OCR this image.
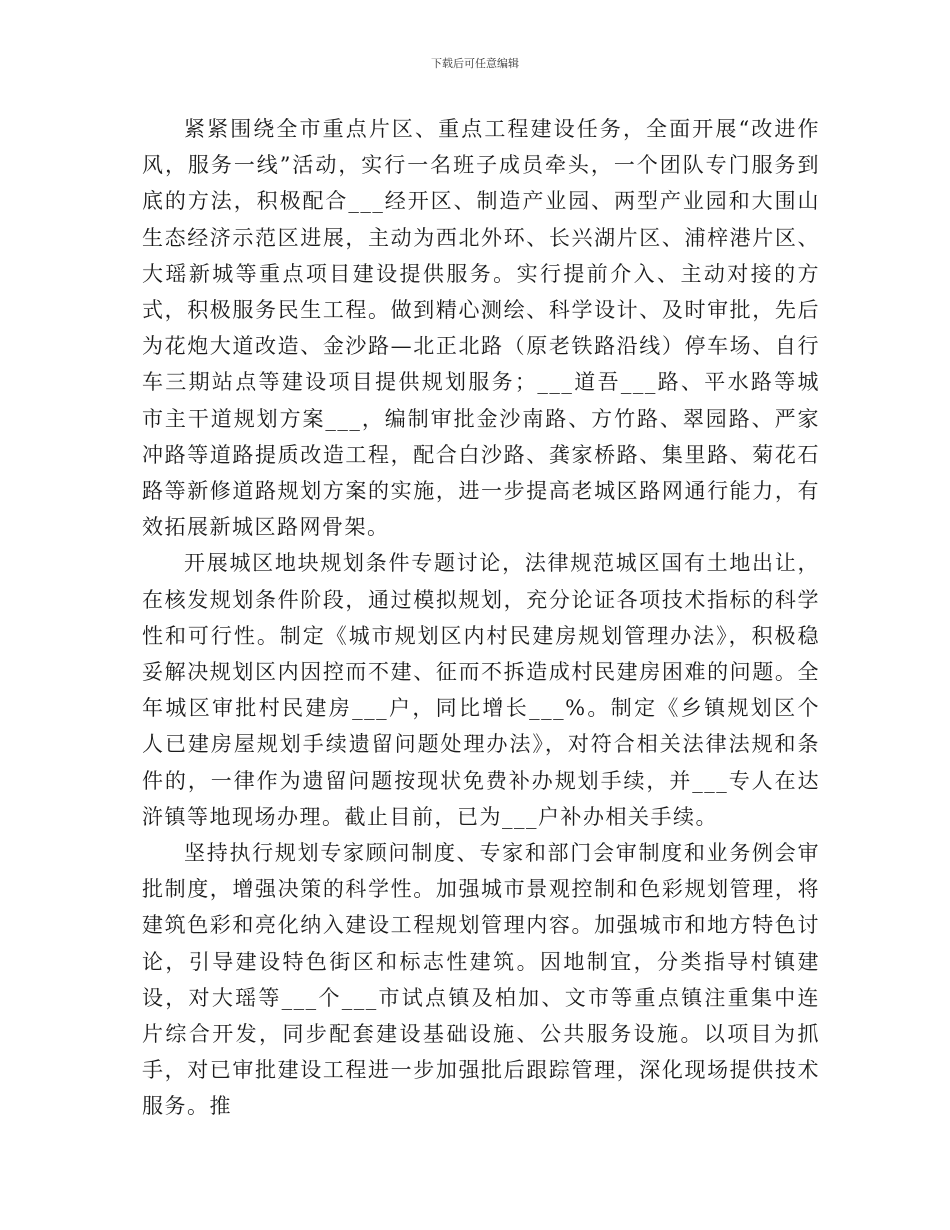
下载后可任意编辑

紧紧围绕全市重点片区、重点工程建设任务，全面开展“改进作风，服务一线”活动，实行一名班子成员牵头，一个团队专门服务到底的方法，积极配合___经开区、制造产业园、两型产业园和大围山生态经济示范区进展，主动为西北外环、长兴湖片区、浦梓港片区、大瑶新城等重点项目建设提供服务。实行提前介入、主动对接的方式，积极服务民生工程。做到精心测绘、科学设计、及时审批，先后为花炮大道改造、金沙路—北正北路（原老铁路沿线）停车场、自行车三期站点等建设项目提供规划服务；___道吾___路、平水路等城市主干道规划方案___，编制审批金沙南路、方竹路、翠园路、严家冲路等道路提质改造工程，配合白沙路、龚家桥路、集里路、菊花石路等新修道路规划方案的实施，进一步提高老城区路网通行能力，有效拓展新城区路网骨架。

开展城区地块规划条件专题讨论，法律规范城区国有土地出让，在核发规划条件阶段，通过模拟规划，充分论证各项技术指标的科学性和可行性。制定《城市规划区内村民建房规划管理办法》，积极稳妥解决规划区内因控而不建、征而不拆造成村民建房困难的问题。全年城区审批村民建房___户，同比增长___%。制定《乡镇规划区个人已建房屋规划手续遗留问题处理办法》，对符合相关法律法规和条件的，一律作为遗留问题按现状免费补办规划手续，并___专人在达浒镇等地现场办理。截止目前，已为___户补办相关手续。

坚持执行规划专家顾问制度、专家和部门会审制度和业务例会审批制度，增强决策的科学性。加强城市景观控制和色彩规划管理，将建筑色彩和亮化纳入建设工程规划管理内容。加强城市和地方特色讨论，引导建设特色街区和标志性建筑。因地制宜，分类指导村镇建设，对大瑶等___个___市试点镇及柏加、文市等重点镇注重集中连片综合开发，同步配套建设基础设施、公共服务设施。以项目为抓手，对已审批建设工程进一步加强批后跟踪管理，深化现场提供技术服务。推
